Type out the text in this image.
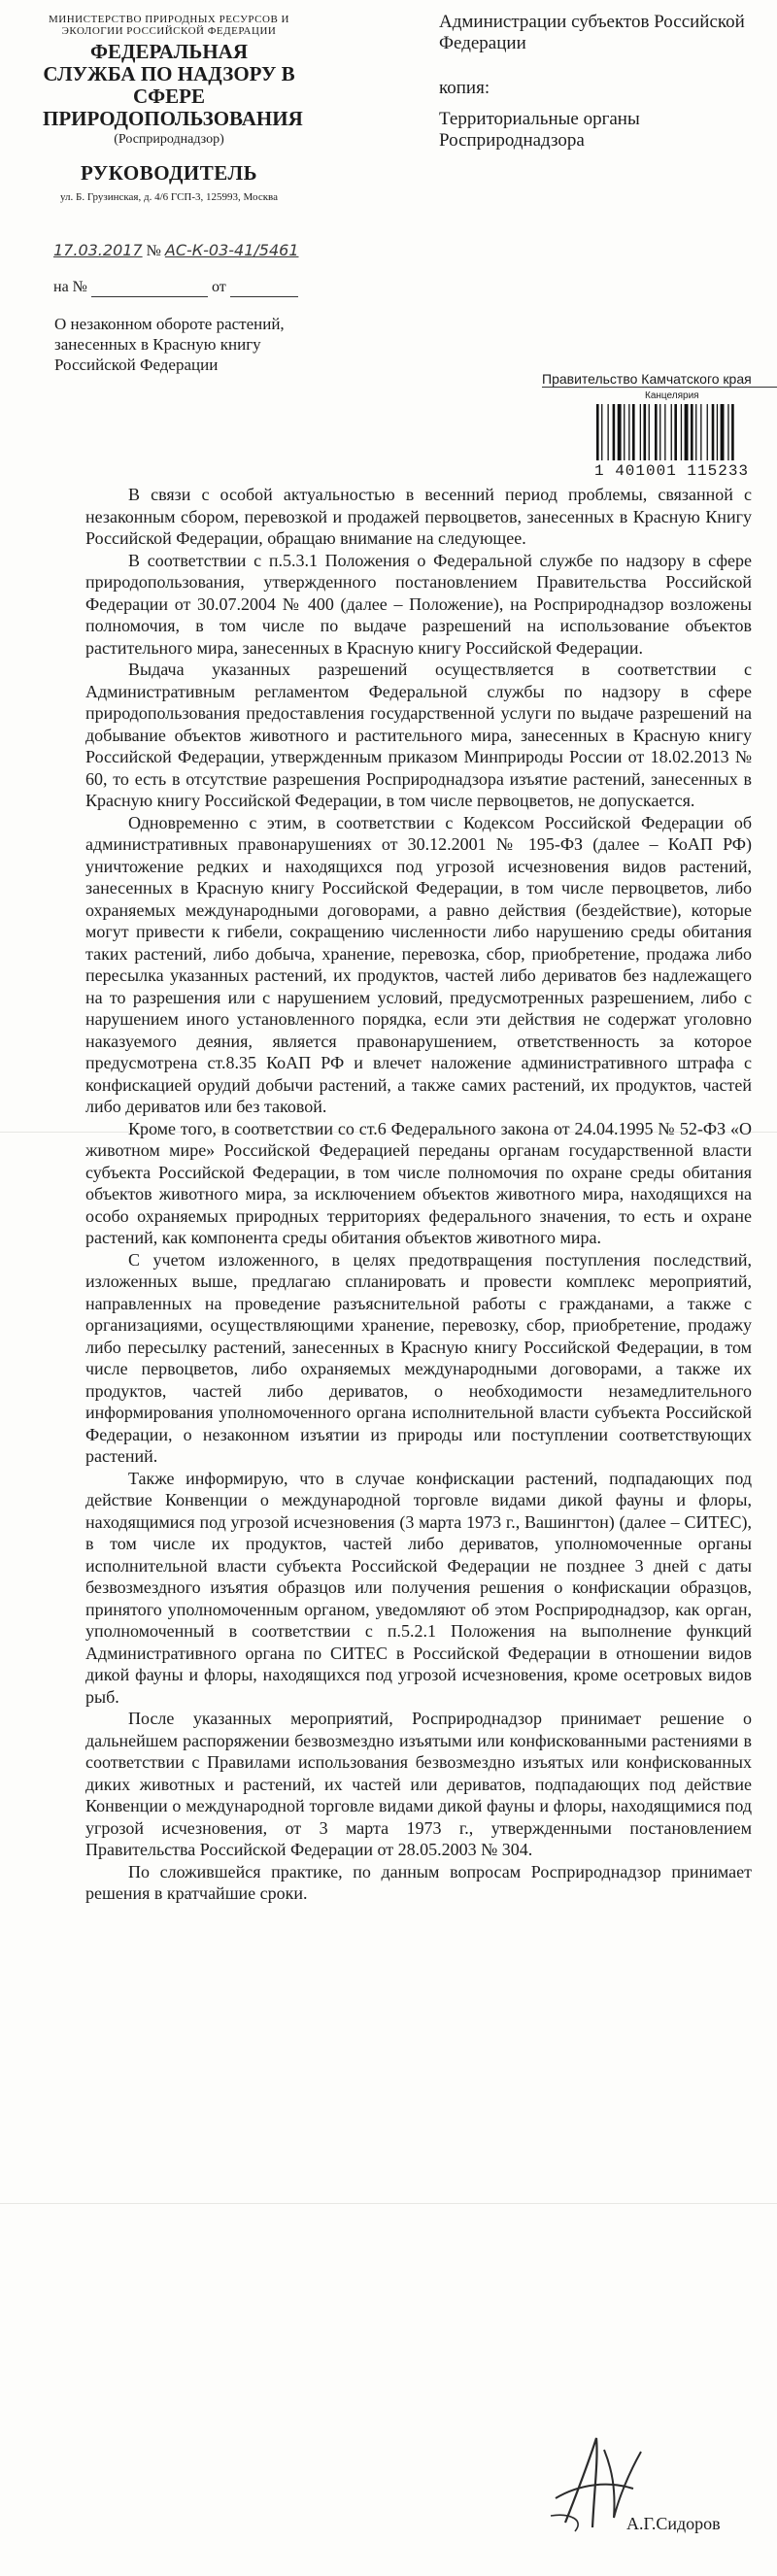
МИНИСТЕРСТВО ПРИРОДНЫХ РЕСУРСОВ И ЭКОЛОГИИ РОССИЙСКОЙ ФЕДЕРАЦИИ
ФЕДЕРАЛЬНАЯ СЛУЖБА ПО НАДЗОРУ В СФЕРЕ ПРИРОДОПОЛЬЗОВАНИЯ
(Росприроднадзор)
РУКОВОДИТЕЛЬ
ул. Б. Грузинская, д. 4/6 ГСП-3, 125993, Москва
17.03.2017 № АС-К-03-41/5461
на №	от
О незаконном обороте растений, занесенных в Красную книгу Российской Федерации
Администрации субъектов Российской Федерации
копия:
Территориальные органы Росприроднадзора
Правительство Камчатского края
Канцелярия
1 401001 115233

В связи с особой актуальностью в весенний период проблемы, связанной с незаконным сбором, перевозкой и продажей первоцветов, занесенных в Красную Книгу Российской Федерации, обращаю внимание на следующее.

В соответствии с п.5.3.1 Положения о Федеральной службе по надзору в сфере природопользования, утвержденного постановлением Правительства Российской Федерации от 30.07.2004 № 400 (далее – Положение), на Росприроднадзор возложены полномочия, в том числе по выдаче разрешений на использование объектов растительного мира, занесенных в Красную книгу Российской Федерации.

Выдача указанных разрешений осуществляется в соответствии с Административным регламентом Федеральной службы по надзору в сфере природопользования предоставления государственной услуги по выдаче разрешений на добывание объектов животного и растительного мира, занесенных в Красную книгу Российской Федерации, утвержденным приказом Минприроды России от 18.02.2013 № 60, то есть в отсутствие разрешения Росприроднадзора изъятие растений, занесенных в Красную книгу Российской Федерации, в том числе первоцветов, не допускается.

Одновременно с этим, в соответствии с Кодексом Российской Федерации об административных правонарушениях от 30.12.2001 № 195-ФЗ (далее – КоАП РФ) уничтожение редких и находящихся под угрозой исчезновения видов растений, занесенных в Красную книгу Российской Федерации, в том числе первоцветов, либо охраняемых международными договорами, а равно действия (бездействие), которые могут привести к гибели, сокращению численности либо нарушению среды обитания таких растений, либо добыча, хранение, перевозка, сбор, приобретение, продажа либо пересылка указанных растений, их продуктов, частей либо дериватов без надлежащего на то разрешения или с нарушением условий, предусмотренных разрешением, либо с нарушением иного установленного порядка, если эти действия не содержат уголовно наказуемого деяния, является правонарушением, ответственность за которое предусмотрена ст.8.35 КоАП РФ и влечет наложение административного штрафа с конфискацией орудий добычи растений, а также самих растений, их продуктов, частей либо дериватов или без таковой.

Кроме того, в соответствии со ст.6 Федерального закона от 24.04.1995 № 52-ФЗ «О животном мире» Российской Федерацией переданы органам государственной власти субъекта Российской Федерации, в том числе полномочия по охране среды обитания объектов животного мира, за исключением объектов животного мира, находящихся на особо охраняемых природных территориях федерального значения, то есть и охране растений, как компонента среды обитания объектов животного мира.

С учетом изложенного, в целях предотвращения поступления последствий, изложенных выше, предлагаю спланировать и провести комплекс мероприятий, направленных на проведение разъяснительной работы с гражданами, а также с организациями, осуществляющими хранение, перевозку, сбор, приобретение, продажу либо пересылку растений, занесенных в Красную книгу Российской Федерации, в том числе первоцветов, либо охраняемых международными договорами, а также их продуктов, частей либо дериватов, о необходимости незамедлительного информирования уполномоченного органа исполнительной власти субъекта Российской Федерации, о незаконном изъятии из природы или поступлении соответствующих растений.

Также информирую, что в случае конфискации растений, подпадающих под действие Конвенции о международной торговле видами дикой фауны и флоры, находящимися под угрозой исчезновения (3 марта 1973 г., Вашингтон) (далее – СИТЕС), в том числе их продуктов, частей либо дериватов, уполномоченные органы исполнительной власти субъекта Российской Федерации не позднее 3 дней с даты безвозмездного изъятия образцов или получения решения о конфискации образцов, принятого уполномоченным органом, уведомляют об этом Росприроднадзор, как орган, уполномоченный в соответствии с п.5.2.1 Положения на выполнение функций Административного органа по СИТЕС в Российской Федерации в отношении видов дикой фауны и флоры, находящихся под угрозой исчезновения, кроме осетровых видов рыб.

После указанных мероприятий, Росприроднадзор принимает решение о дальнейшем распоряжении безвозмездно изъятыми или конфискованными растениями в соответствии с Правилами использования безвозмездно изъятых или конфискованных диких животных и растений, их частей или дериватов, подпадающих под действие Конвенции о международной торговле видами дикой фауны и флоры, находящимися под угрозой исчезновения, от 3 марта 1973 г., утвержденными постановлением Правительства Российской Федерации от 28.05.2003 № 304.

По сложившейся практике, по данным вопросам Росприроднадзор принимает решения в кратчайшие сроки.

А.Г.Сидоров
